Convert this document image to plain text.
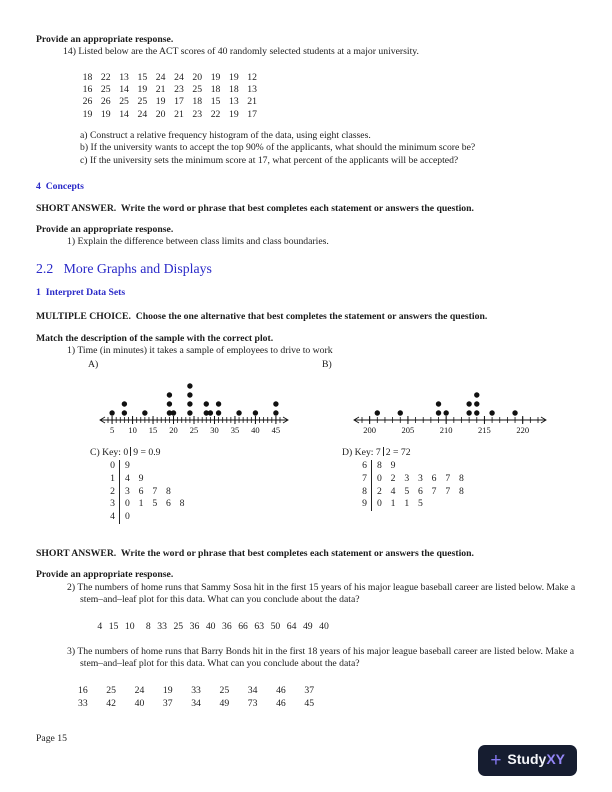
Provide an appropriate response.

14) Listed below are the ACT scores of 40 randomly selected students at a major university.

18 22 13 15 24 24 20 19 19 12
16 25 14 19 21 23 25 18 18 13
26 26 25 25 19 17 18 15 13 21
19 19 14 24 20 21 23 22 19 17

a) Construct a relative frequency histogram of the data, using eight classes.

b) If the university wants to accept the top 90% of the applicants, what should the minimum score be?

c) If the university sets the minimum score at 17, what percent of the applicants will be accepted?

4  Concepts

SHORT ANSWER.  Write the word or phrase that best completes each statement or answers the question.

Provide an appropriate response.

1) Explain the difference between class limits and class boundaries.

2.2   More Graphs and Displays

1  Interpret Data Sets

MULTIPLE CHOICE.  Choose the one alternative that best completes the statement or answers the question.

Match the description of the sample with the correct plot.

1) Time (in minutes) it takes a sample of employees to drive to work

A)

5 10 15 20 25 30 35 40 45

B)

200	205	210	215	220

C) Key: 0 9 = 0.9

0	9
1	4 9
2	3 6 7 8
3	0 1 5 6 8
4	0

D) Key: 7 2 = 72

6	8 9
7	0 2 3 3 6 7 8
8	2 4 5 6 7 7 8
9	0 1 1 5

SHORT ANSWER.  Write the word or phrase that best completes each statement or answers the question.

Provide an appropriate response.

2) The numbers of home runs that Sammy Sosa hit in the first 15 years of his major league baseball career are listed below. Make a stem–and–leaf plot for this data. What can you conclude about the data?

4 15 10	8 33 25 36 40 36 66 63 50 64 49 40

3) The numbers of home runs that Barry Bonds hit in the first 18 years of his major league baseball career are listed below. Make a stem–and–leaf plot for this data. What can you conclude about the data?

16	25	24	19	33	25	34	46	37
33	42	40	37	34	49	73	46	45

Page 15

+ StudyXY
